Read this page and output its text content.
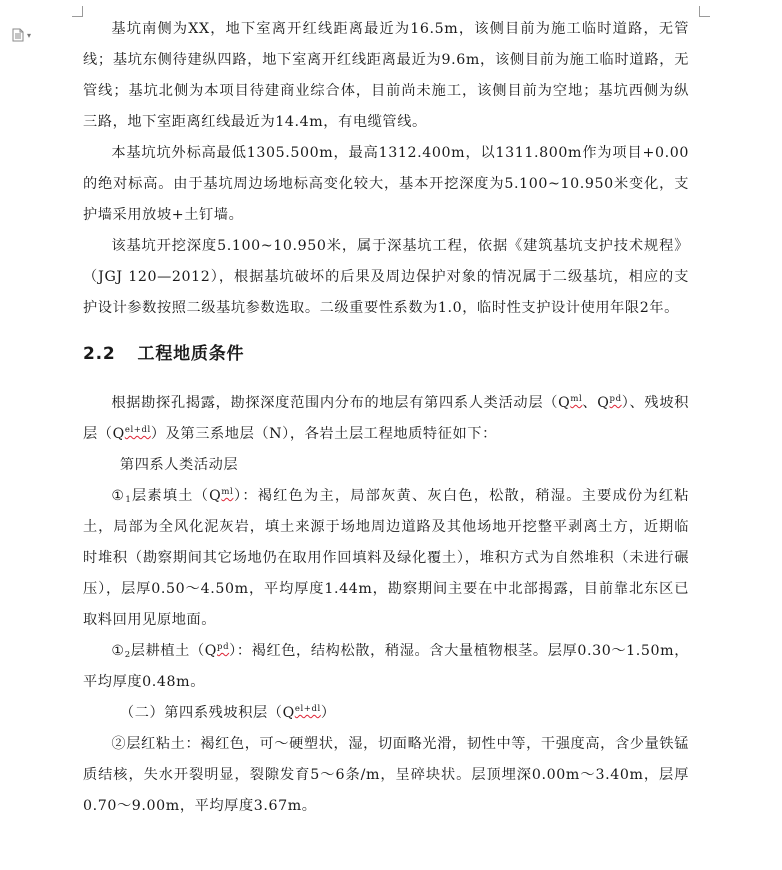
▾	基坑南侧为XX，地下室离开红线距离最近为16.5m，该侧目前为施工临时道路，无管线；基坑东侧待建纵四路，地下室离开红线距离最近为9.6m，该侧目前为施工临时道路，无管线；基坑北侧为本项目待建商业综合体，目前尚未施工，该侧目前为空地；基坑西侧为纵三路，地下室距离红线最近为14.4m，有电缆管线。

本基坑坑外标高最低1305.500m，最高1312.400m，以1311.800m作为项目+0.00的绝对标高。由于基坑周边场地标高变化较大，基本开挖深度为5.100~10.950米变化，支护墙采用放坡+土钉墙。

该基坑开挖深度5.100~10.950米，属于深基坑工程，依据《建筑基坑支护技术规程》（JGJ 120—2012），根据基坑破坏的后果及周边保护对象的情况属于二级基坑，相应的支护设计参数按照二级基坑参数选取。二级重要性系数为1.0，临时性支护设计使用年限2年。

2.2 工程地质条件

根据勘探孔揭露，勘探深度范围内分布的地层有第四系人类活动层（$Q^{ml}$、$Q^{pd}$）、残坡积层$(Q^{el+dl})$及第三系地层（N），各岩土层工程地质特征如下：

第四系人类活动层

$①_1$层素填土$(Q^{ml})$：褐红色为主，局部灰黄、灰白色，松散，稍湿。主要成份为红粘土，局部为全风化泥灰岩，填土来源于场地周边道路及其他场地开挖整平剥离土方，近期临时堆积（勘察期间其它场地仍在取用作回填料及绿化覆土），堆积方式为自然堆积（未进行碾压），层厚0.50～4.50m，平均厚度1.44m，勘察期间主要在中北部揭露，目前靠北东区已取料回用见原地面。

$①_2$层耕植土$(Q^{pd})$：褐红色，结构松散，稍湿。含大量植物根茎。层厚0.30～1.50m，平均厚度0.48m。

（二）第四系残坡积层$(Q^{el+dl})$

②层红粘土：褐红色，可～硬塑状，湿，切面略光滑，韧性中等，干强度高，含少量铁锰质结核，失水开裂明显，裂隙发育5～6条/m，呈碎块状。层顶埋深0.00m～3.40m，层厚0.70～9.00m，平均厚度3.67m。
